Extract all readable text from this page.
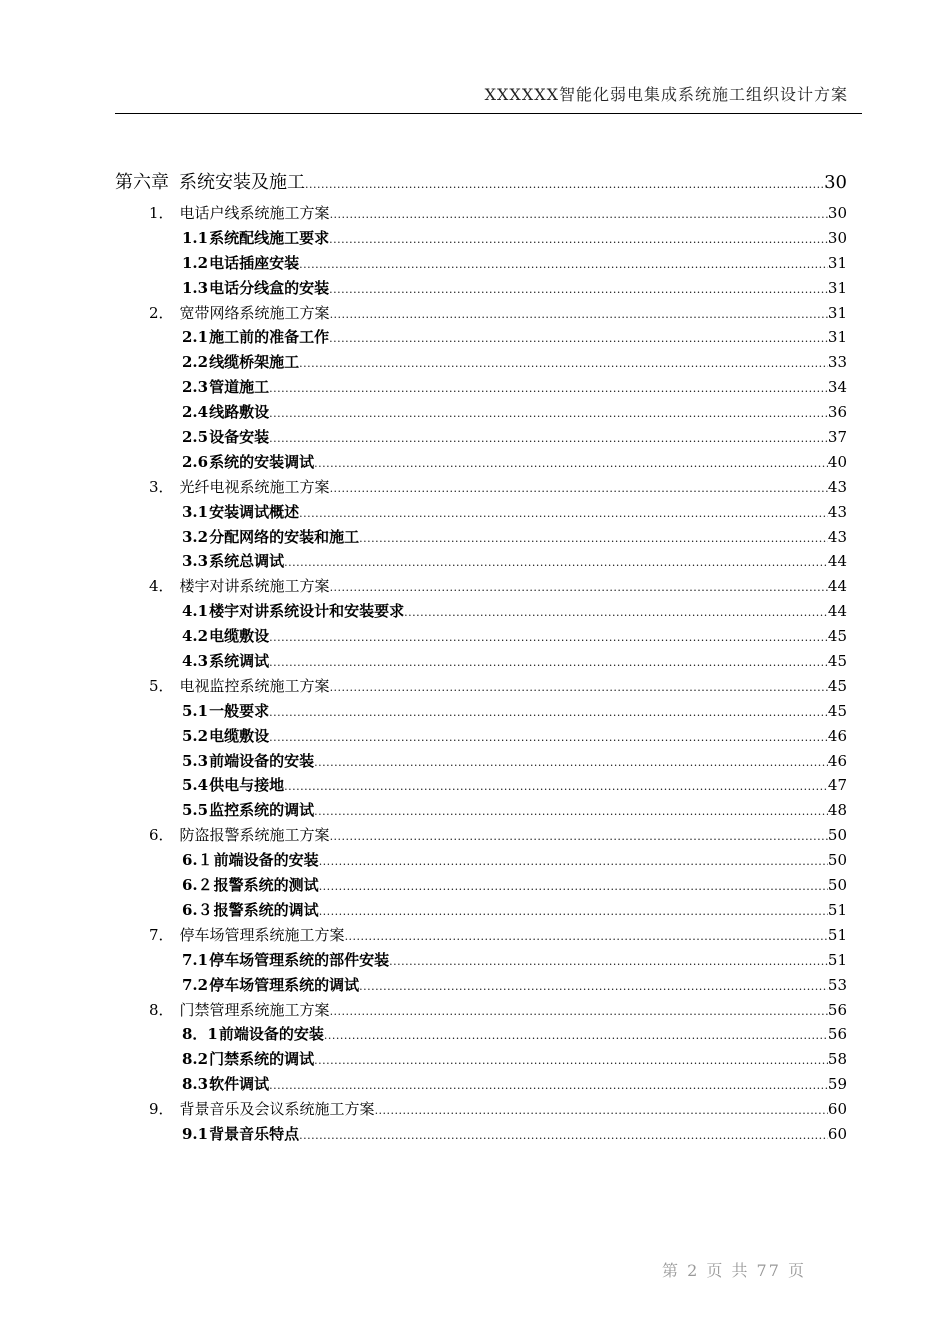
XXXXXX智能化弱电集成系统施工组织设计方案
第六章 系统安装及施工 .....	30
1． 电话户线系统施工方案 .....	30
1.1 系统配线施工要求 .....	30
1.2 电话插座安装 .....	31
1.3 电话分线盒的安装 .....	31
2． 宽带网络系统施工方案 .....	31
2.1 施工前的准备工作 .....	31
2.2 线缆桥架施工 .....	33
2.3 管道施工 .....	34
2.4 线路敷设 .....	36
2.5 设备安装 .....	37
2.6 系统的安装调试 .....	40
3． 光纤电视系统施工方案 .....	43
3.1 安装调试概述 .....	43
3.2 分配网络的安装和施工 .....	43
3.3 系统总调试 .....	44
4． 楼宇对讲系统施工方案 .....	44
4.1 楼宇对讲系统设计和安装要求 .....	44
4.2 电缆敷设 .....	45
4.3 系统调试 .....	45
5． 电视监控系统施工方案 .....	45
5.1 一般要求 .....	45
5.2 电缆敷设 .....	46
5.3 前端设备的安装 .....	46
5.4 供电与接地 .....	47
5.5 监控系统的调试 .....	48
6． 防盗报警系统施工方案 .....	50
6.１ 前端设备的安装 .....	50
6.２ 报警系统的测试 .....	50
6.３ 报警系统的调试 .....	51
7． 停车场管理系统施工方案 .....	51
7.1 停车场管理系统的部件安装 .....	51
7.2 停车场管理系统的调试 .....	53
8． 门禁管理系统施工方案 .....	56
8．1 前端设备的安装 .....	56
8.2 门禁系统的调试 .....	58
8.3 软件调试 .....	59
9． 背景音乐及会议系统施工方案 .....	60
9.1 背景音乐特点 .....	60
第 2 页 共 77 页
